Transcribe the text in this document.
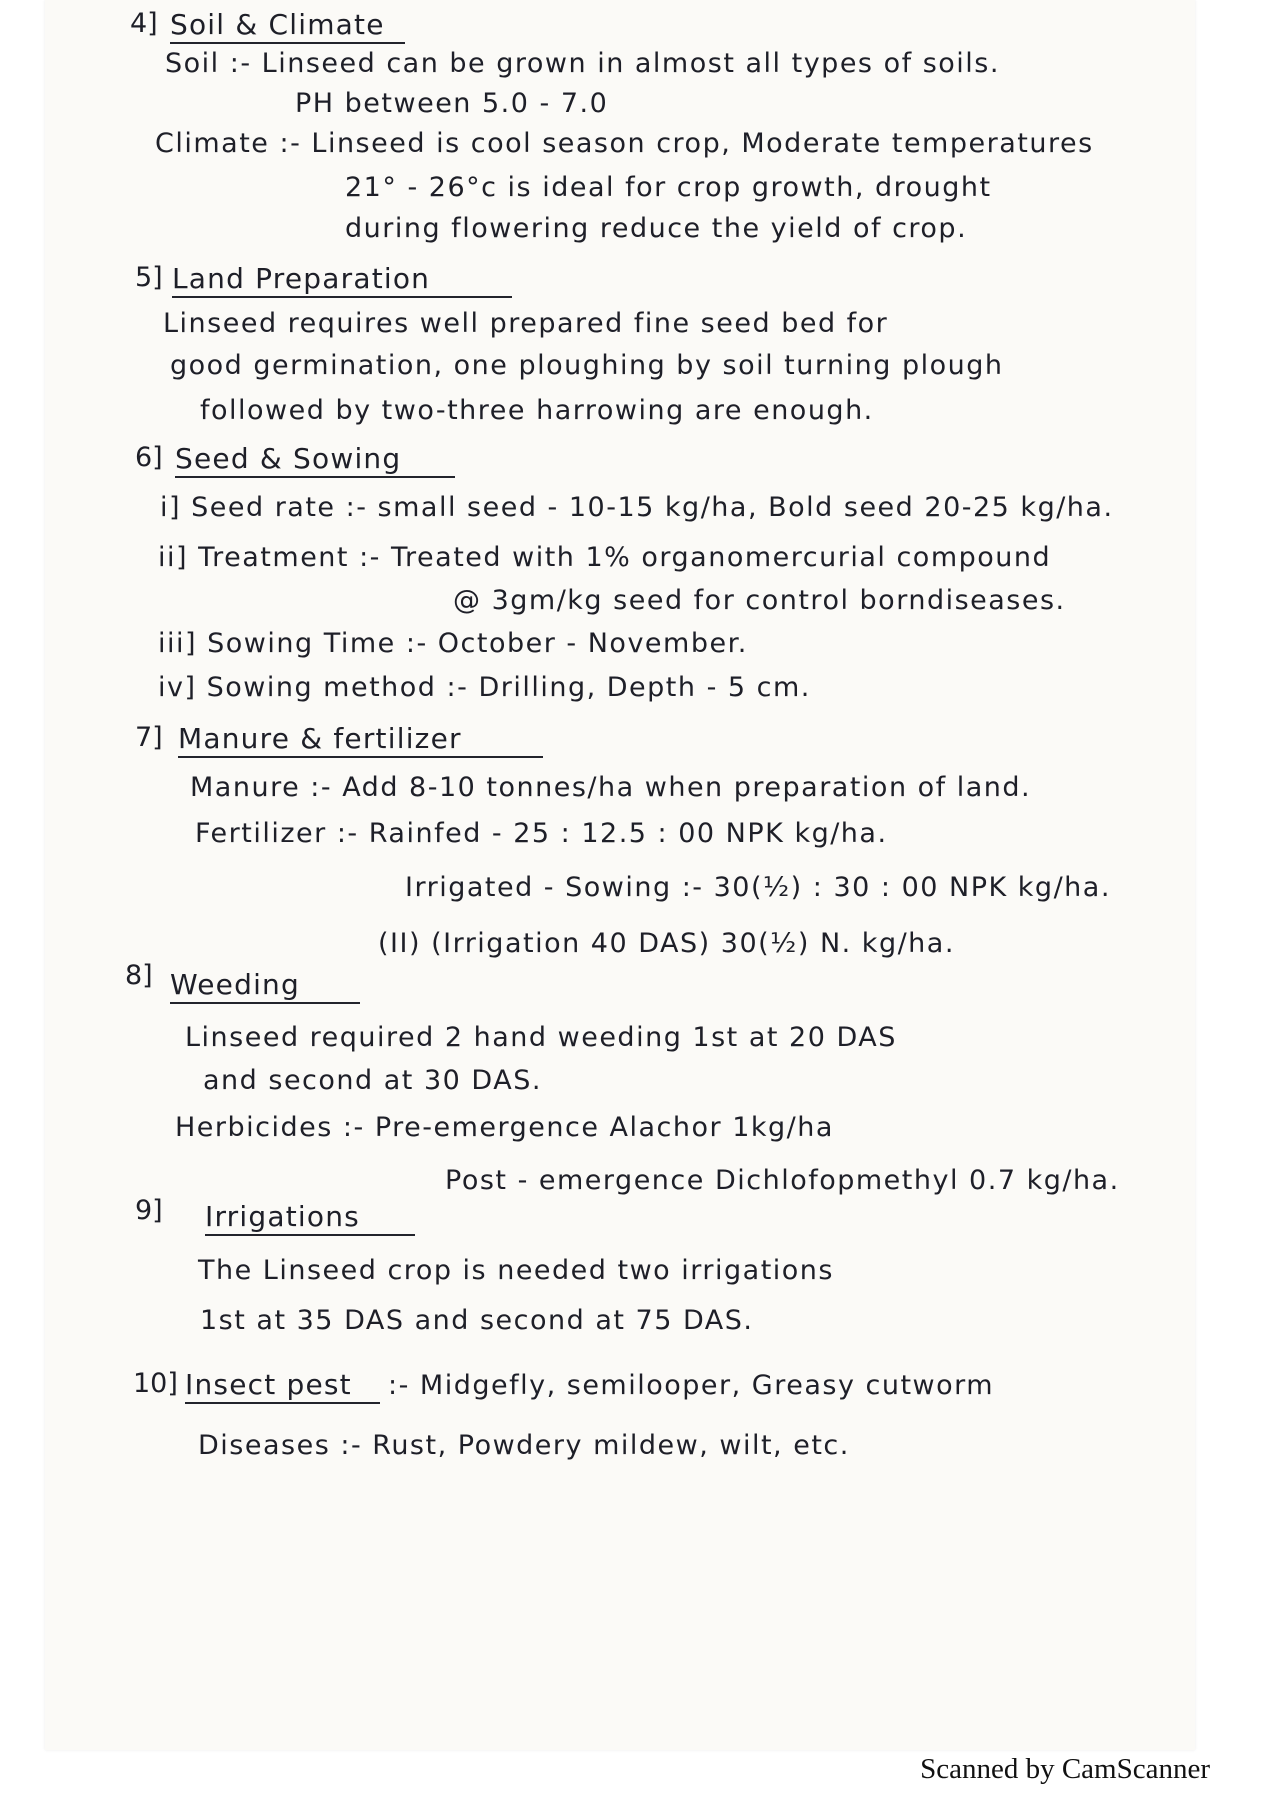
4] Soil & Climate
Soil :- Linseed can be grown in almost all types of soils.
PH between 5.0 - 7.0
Climate :- Linseed is cool season crop, Moderate temperatures
21° - 26°c is ideal for crop growth, drought
during flowering reduce the yield of crop.
5] Land Preparation
Linseed requires well prepared fine seed bed for
good germination, one ploughing by soil turning plough
followed by two-three harrowing are enough.
6] Seed & Sowing
i] Seed rate :- small seed - 10-15 kg/ha, Bold seed 20-25 kg/ha.
ii] Treatment :- Treated with 1% organomercurial compound
@ 3gm/kg seed for control borndiseases.
iii] Sowing Time :- October - November.
iv] Sowing method :- Drilling, Depth - 5 cm.
7] Manure & fertilizer
Manure :- Add 8-10 tonnes/ha when preparation of land.
Fertilizer :- Rainfed - 25 : 12.5 : 00 NPK kg/ha.
Irrigated - Sowing :- 30(½) : 30 : 00 NPK kg/ha.
(II) (Irrigation 40 DAS) 30(½) N. kg/ha.
8] Weeding
Linseed required 2 hand weeding 1st at 20 DAS
and second at 30 DAS.
Herbicides :- Pre-emergence Alachor 1kg/ha
Post - emergence Dichlofopmethyl 0.7 kg/ha.
9] Irrigations
The Linseed crop is needed two irrigations
1st at 35 DAS and second at 75 DAS.
10] Insect pest	:- Midgefly, semilooper, Greasy cutworm
Diseases :- Rust, Powdery mildew, wilt, etc.
Scanned by CamScanner
